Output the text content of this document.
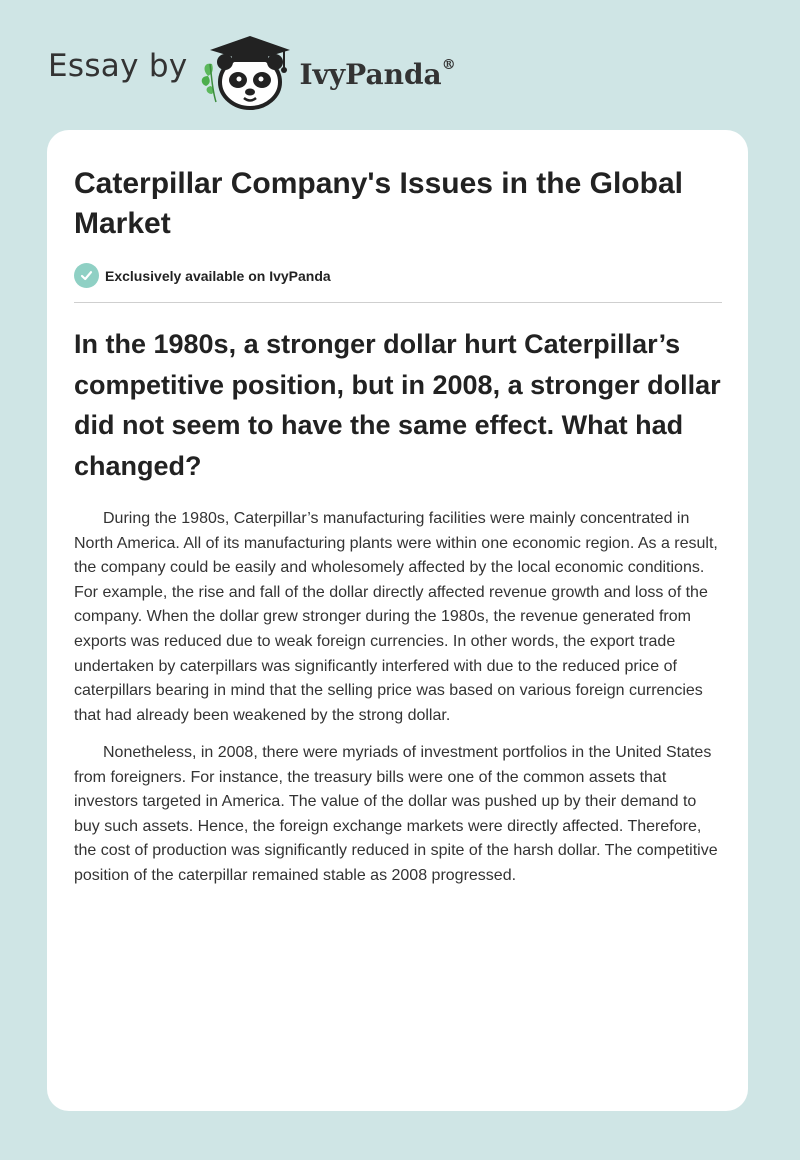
Essay by	IvyPanda®
Caterpillar Company's Issues in the Global Market
Exclusively available on IvyPanda
In the 1980s, a stronger dollar hurt Caterpillar’s competitive position, but in 2008, a stronger dollar did not seem to have the same effect. What had changed?

During the 1980s, Caterpillar’s manufacturing facilities were mainly concentrated in North America. All of its manufacturing plants were within one economic region. As a result, the company could be easily and wholesomely affected by the local economic conditions. For example, the rise and fall of the dollar directly affected revenue growth and loss of the company. When the dollar grew stronger during the 1980s, the revenue generated from exports was reduced due to weak foreign currencies. In other words, the export trade undertaken by caterpillars was significantly interfered with due to the reduced price of caterpillars bearing in mind that the selling price was based on various foreign currencies that had already been weakened by the strong dollar.

Nonetheless, in 2008, there were myriads of investment portfolios in the United States from foreigners. For instance, the treasury bills were one of the common assets that investors targeted in America. The value of the dollar was pushed up by their demand to buy such assets. Hence, the foreign exchange markets were directly affected. Therefore, the cost of production was significantly reduced in spite of the harsh dollar. The competitive position of the caterpillar remained stable as 2008 progressed.
